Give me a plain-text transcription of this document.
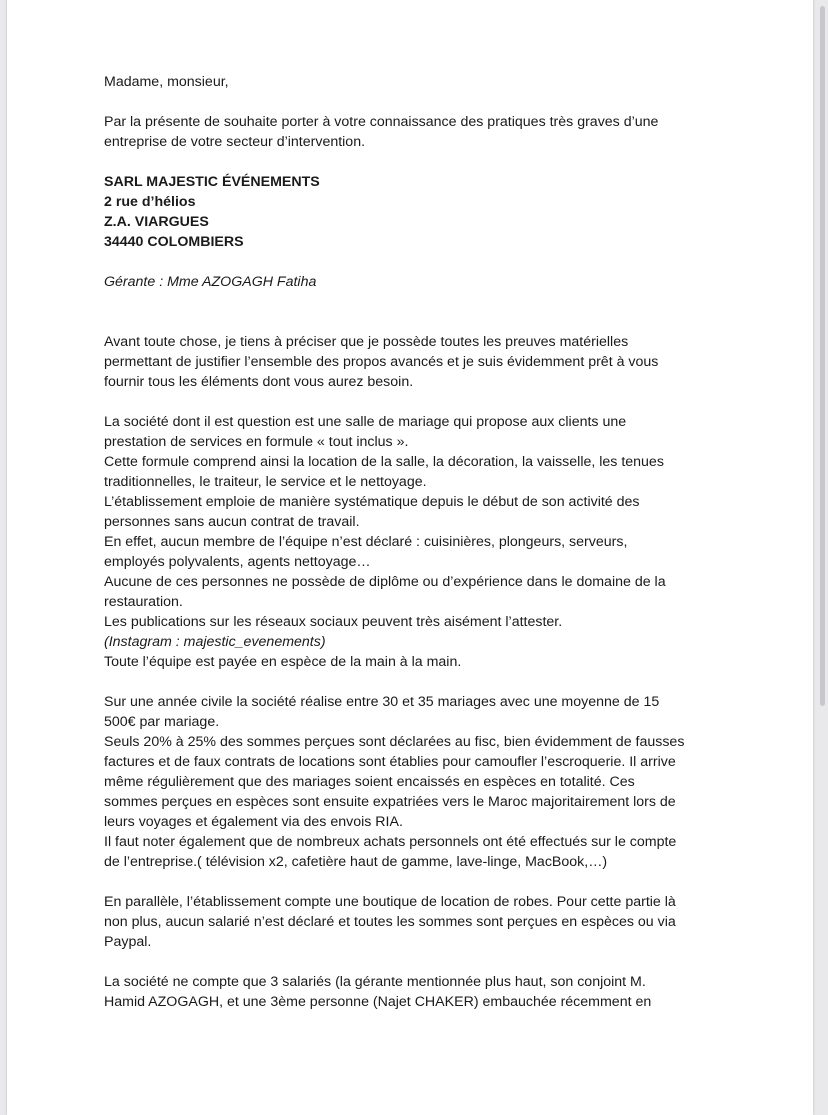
Madame, monsieur,

Par la présente de souhaite porter à votre connaissance des pratiques très graves d’une
entreprise de votre secteur d’intervention.

SARL MAJESTIC ÉVÉNEMENTS
2 rue d’hélios
Z.A. VIARGUES
34440 COLOMBIERS

Gérante : Mme AZOGAGH Fatiha

Avant toute chose, je tiens à préciser que je possède toutes les preuves matérielles
permettant de justifier l’ensemble des propos avancés et je suis évidemment prêt à vous
fournir tous les éléments dont vous aurez besoin.

La société dont il est question est une salle de mariage qui propose aux clients une
prestation de services en formule « tout inclus ».
Cette formule comprend ainsi la location de la salle, la décoration, la vaisselle, les tenues
traditionnelles, le traiteur, le service et le nettoyage.
L’établissement emploie de manière systématique depuis le début de son activité des
personnes sans aucun contrat de travail.
En effet, aucun membre de l’équipe n’est déclaré : cuisinières, plongeurs, serveurs,
employés polyvalents, agents nettoyage…
Aucune de ces personnes ne possède de diplôme ou d’expérience dans le domaine de la
restauration.
Les publications sur les réseaux sociaux peuvent très aisément l’attester.
(Instagram : majestic_evenements)
Toute l’équipe est payée en espèce de la main à la main.

Sur une année civile la société réalise entre 30 et 35 mariages avec une moyenne de 15
500€ par mariage.
Seuls 20% à 25% des sommes perçues sont déclarées au fisc, bien évidemment de fausses
factures et de faux contrats de locations sont établies pour camoufler l’escroquerie. Il arrive
même régulièrement que des mariages soient encaissés en espèces en totalité. Ces
sommes perçues en espèces sont ensuite expatriées vers le Maroc majoritairement lors de
leurs voyages et également via des envois RIA.
Il faut noter également que de nombreux achats personnels ont été effectués sur le compte
de l’entreprise.( télévision x2, cafetière haut de gamme, lave-linge, MacBook,…)

En parallèle, l’établissement compte une boutique de location de robes. Pour cette partie là
non plus, aucun salarié n’est déclaré et toutes les sommes sont perçues en espèces ou via
Paypal.

La société ne compte que 3 salariés (la gérante mentionnée plus haut, son conjoint M.
Hamid AZOGAGH, et une 3ème personne (Najet CHAKER) embauchée récemment en
